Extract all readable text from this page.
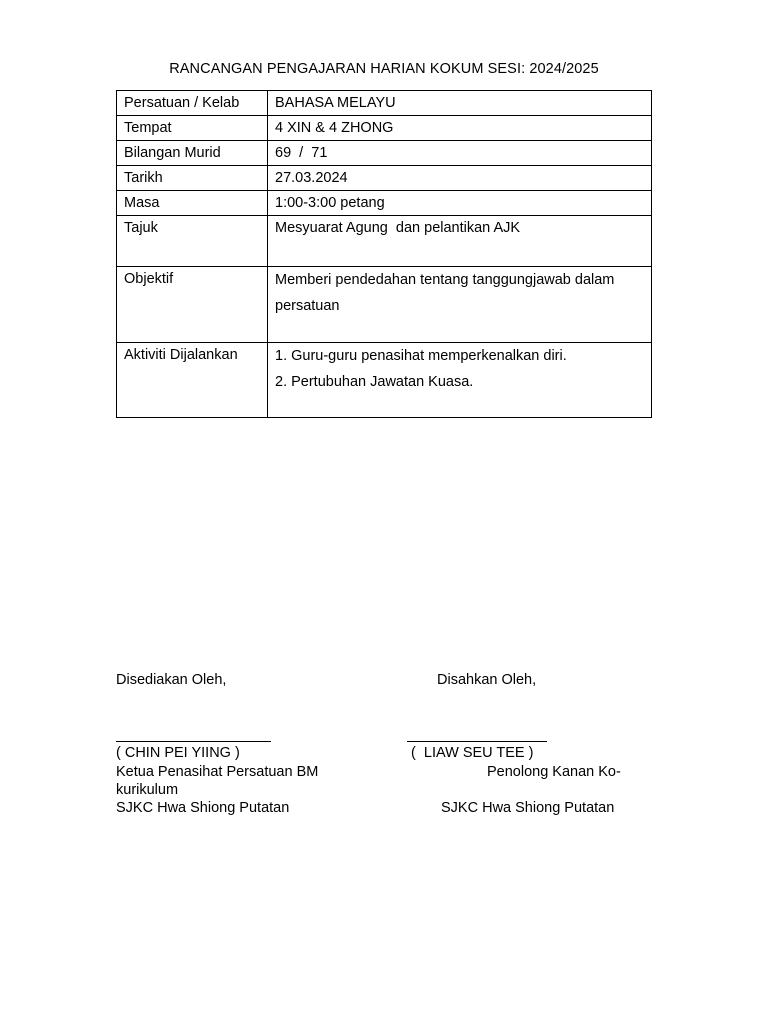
RANCANGAN PENGAJARAN HARIAN KOKUM SESI: 2024/2025
Persatuan / Kelab	BAHASA MELAYU

Tempat	4 XIN & 4 ZHONG

Bilangan Murid	69  /  71

Tarikh	27.03.2024

Masa	1:00-3:00 petang

Tajuk	Mesyuarat Agung  dan pelantikan AJK

Objektif	Memberi pendedahan tentang tanggungjawab dalam
persatuan

Aktiviti Dijalankan	1. Guru-guru penasihat memperkenalkan diri.
2. Pertubuhan Jawatan Kuasa.
Disediakan Oleh,
( CHIN PEI YIING )
Ketua Penasihat Persatuan BM
SJKC Hwa Shiong Putatan
Disahkan Oleh,
(  LIAW SEU TEE )
Penolong Kanan Ko-
kurikulum
SJKC Hwa Shiong Putatan
